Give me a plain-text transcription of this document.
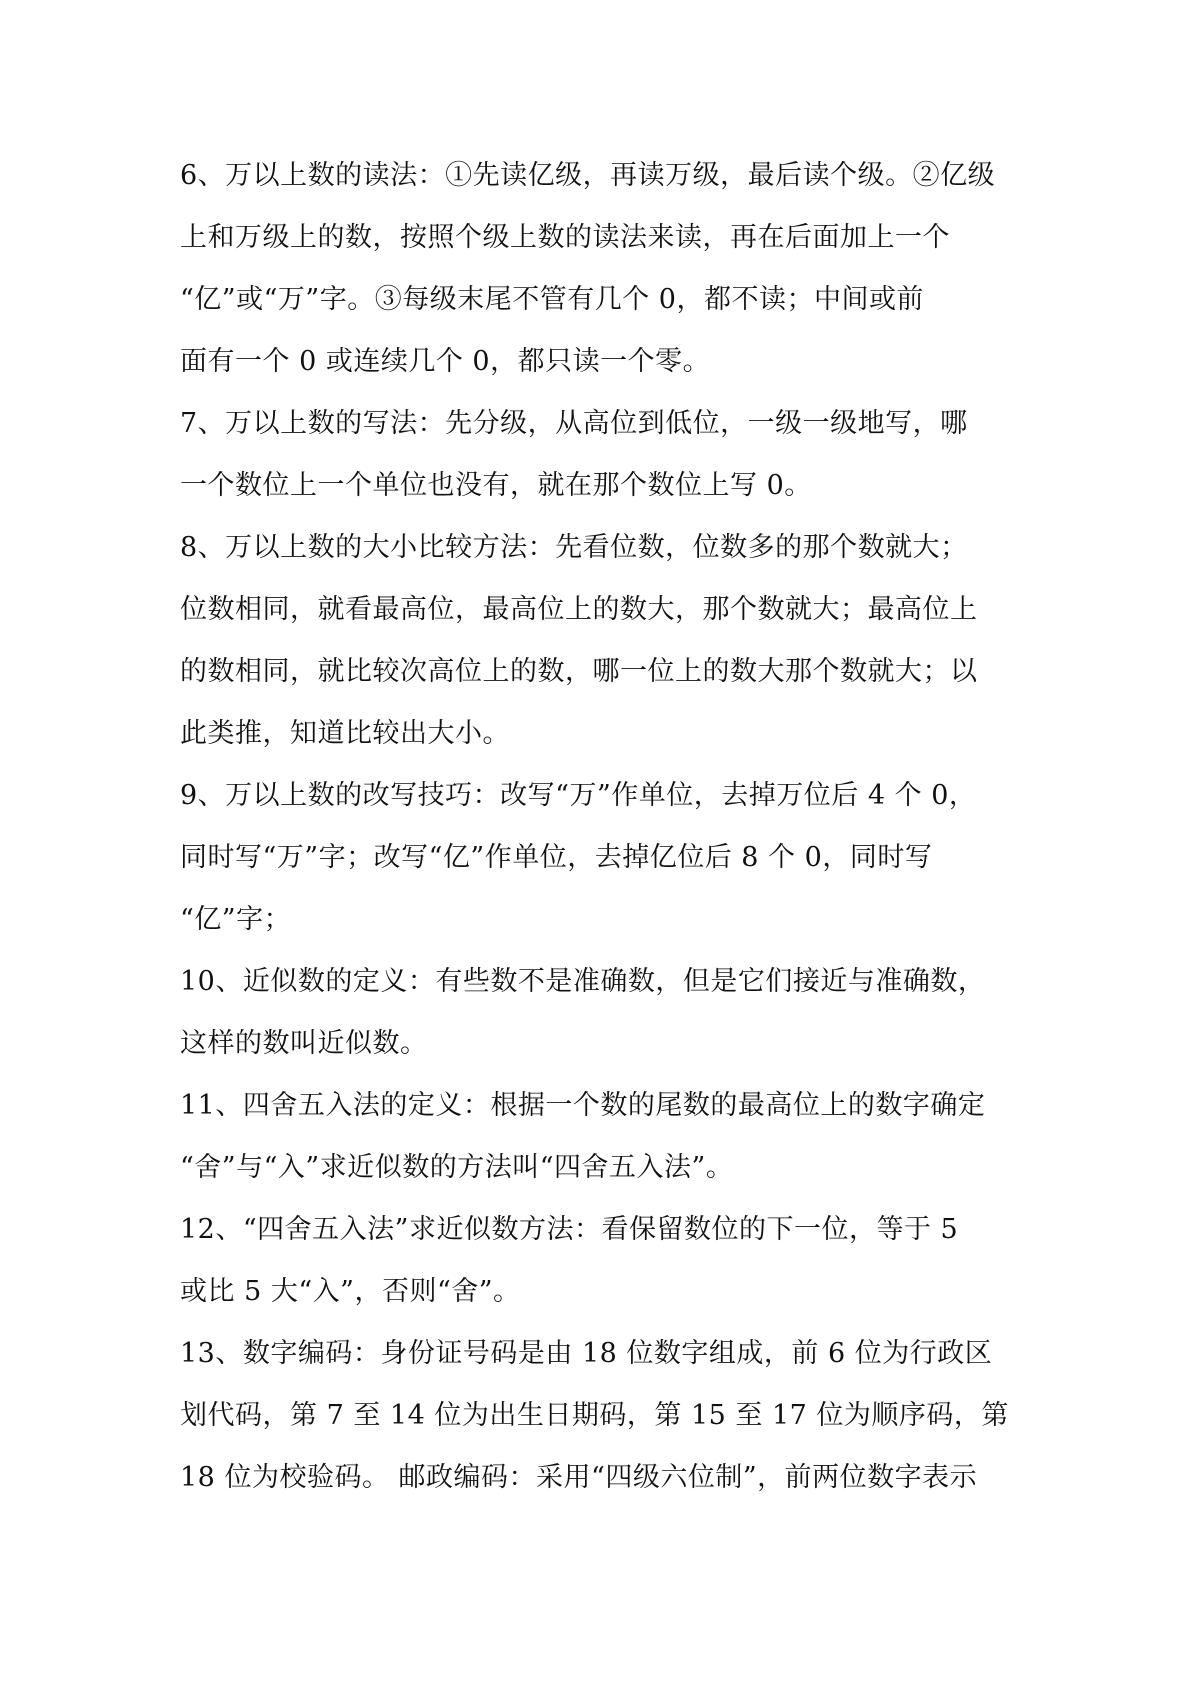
6、万以上数的读法：①先读亿级，再读万级，最后读个级。②亿级
上和万级上的数，按照个级上数的读法来读，再在后面加上一个
“亿”或“万”字。③每级末尾不管有几个 0，都不读；中间或前
面有一个 0 或连续几个 0，都只读一个零。
7、万以上数的写法：先分级，从高位到低位，一级一级地写，哪
一个数位上一个单位也没有，就在那个数位上写 0。
8、万以上数的大小比较方法：先看位数，位数多的那个数就大；
位数相同，就看最高位，最高位上的数大，那个数就大；最高位上
的数相同，就比较次高位上的数，哪一位上的数大那个数就大；以
此类推，知道比较出大小。
9、万以上数的改写技巧：改写“万”作单位，去掉万位后 4 个 0，
同时写“万”字；改写“亿”作单位，去掉亿位后 8 个 0，同时写
“亿”字；
10、近似数的定义：有些数不是准确数，但是它们接近与准确数，
这样的数叫近似数。
11、四舍五入法的定义：根据一个数的尾数的最高位上的数字确定
“舍”与“入”求近似数的方法叫“四舍五入法”。
12、“四舍五入法”求近似数方法：看保留数位的下一位，等于 5
或比 5 大“入”，否则“舍”。
13、数字编码：身份证号码是由 18 位数字组成，前 6 位为行政区
划代码，第 7 至 14 位为出生日期码，第 15 至 17 位为顺序码，第
18 位为校验码。 邮政编码：采用“四级六位制”，前两位数字表示
